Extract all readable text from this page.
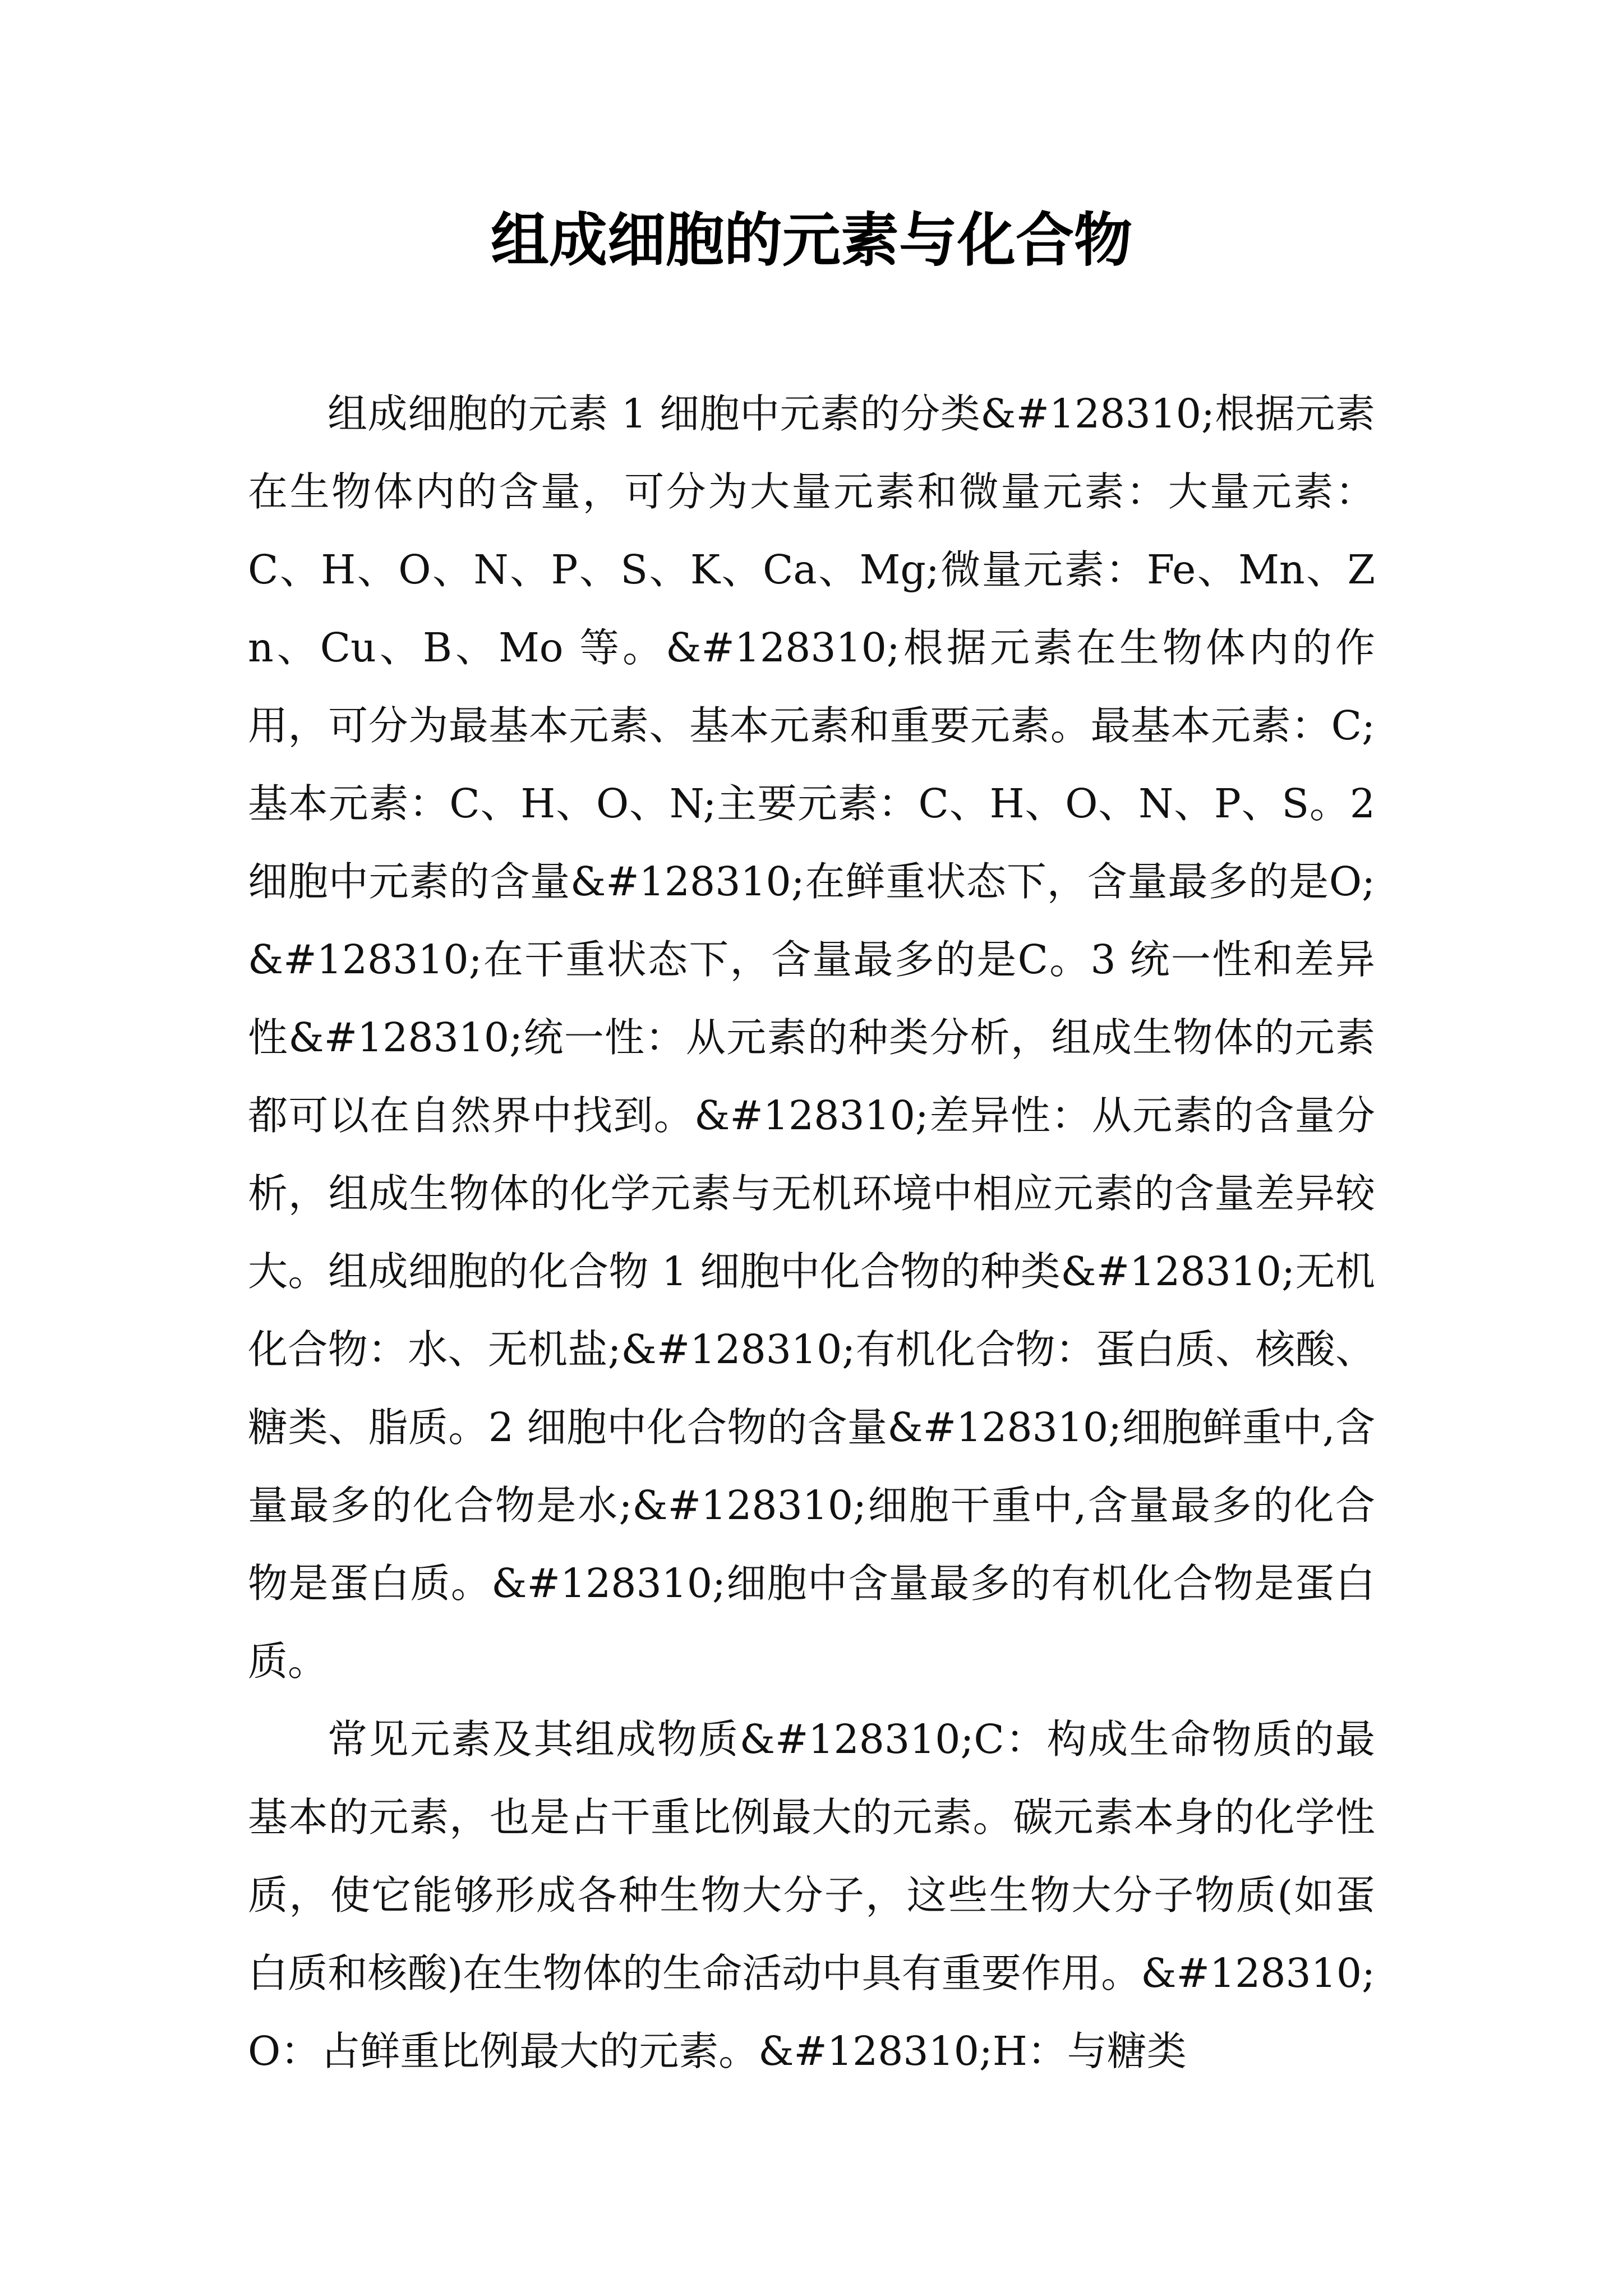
组成细胞的元素与化合物

组成细胞的元素 1 细胞中元素的分类&#128310;根据元素在生物体内的含量，可分为大量元素和微量元素：大量元素：C、H、O、N、P、S、K、Ca、Mg;微量元素：Fe、Mn、Zn、Cu、B、Mo 等。&#128310;根据元素在生物体内的作用，可分为最基本元素、基本元素和重要元素。最基本元素：C;基本元素：C、H、O、N;主要元素：C、H、O、N、P、S。2 细胞中元素的含量&#128310;在鲜重状态下，含量最多的是O;&#128310;在干重状态下，含量最多的是C。3 统一性和差异性&#128310;统一性：从元素的种类分析，组成生物体的元素都可以在自然界中找到。&#128310;差异性：从元素的含量分析，组成生物体的化学元素与无机环境中相应元素的含量差异较大。组成细胞的化合物 1 细胞中化合物的种类&#128310;无机化合物：水、无机盐;&#128310;有机化合物：蛋白质、核酸、糖类、脂质。2 细胞中化合物的含量&#128310;细胞鲜重中,含量最多的化合物是水;&#128310;细胞干重中,含量最多的化合物是蛋白质。&#128310;细胞中含量最多的有机化合物是蛋白质。

常见元素及其组成物质&#128310;C：构成生命物质的最基本的元素，也是占干重比例最大的元素。碳元素本身的化学性质，使它能够形成各种生物大分子，这些生物大分子物质(如蛋白质和核酸)在生物体的生命活动中具有重要作用。&#128310;O：占鲜重比例最大的元素。&#128310;H：与糖类
